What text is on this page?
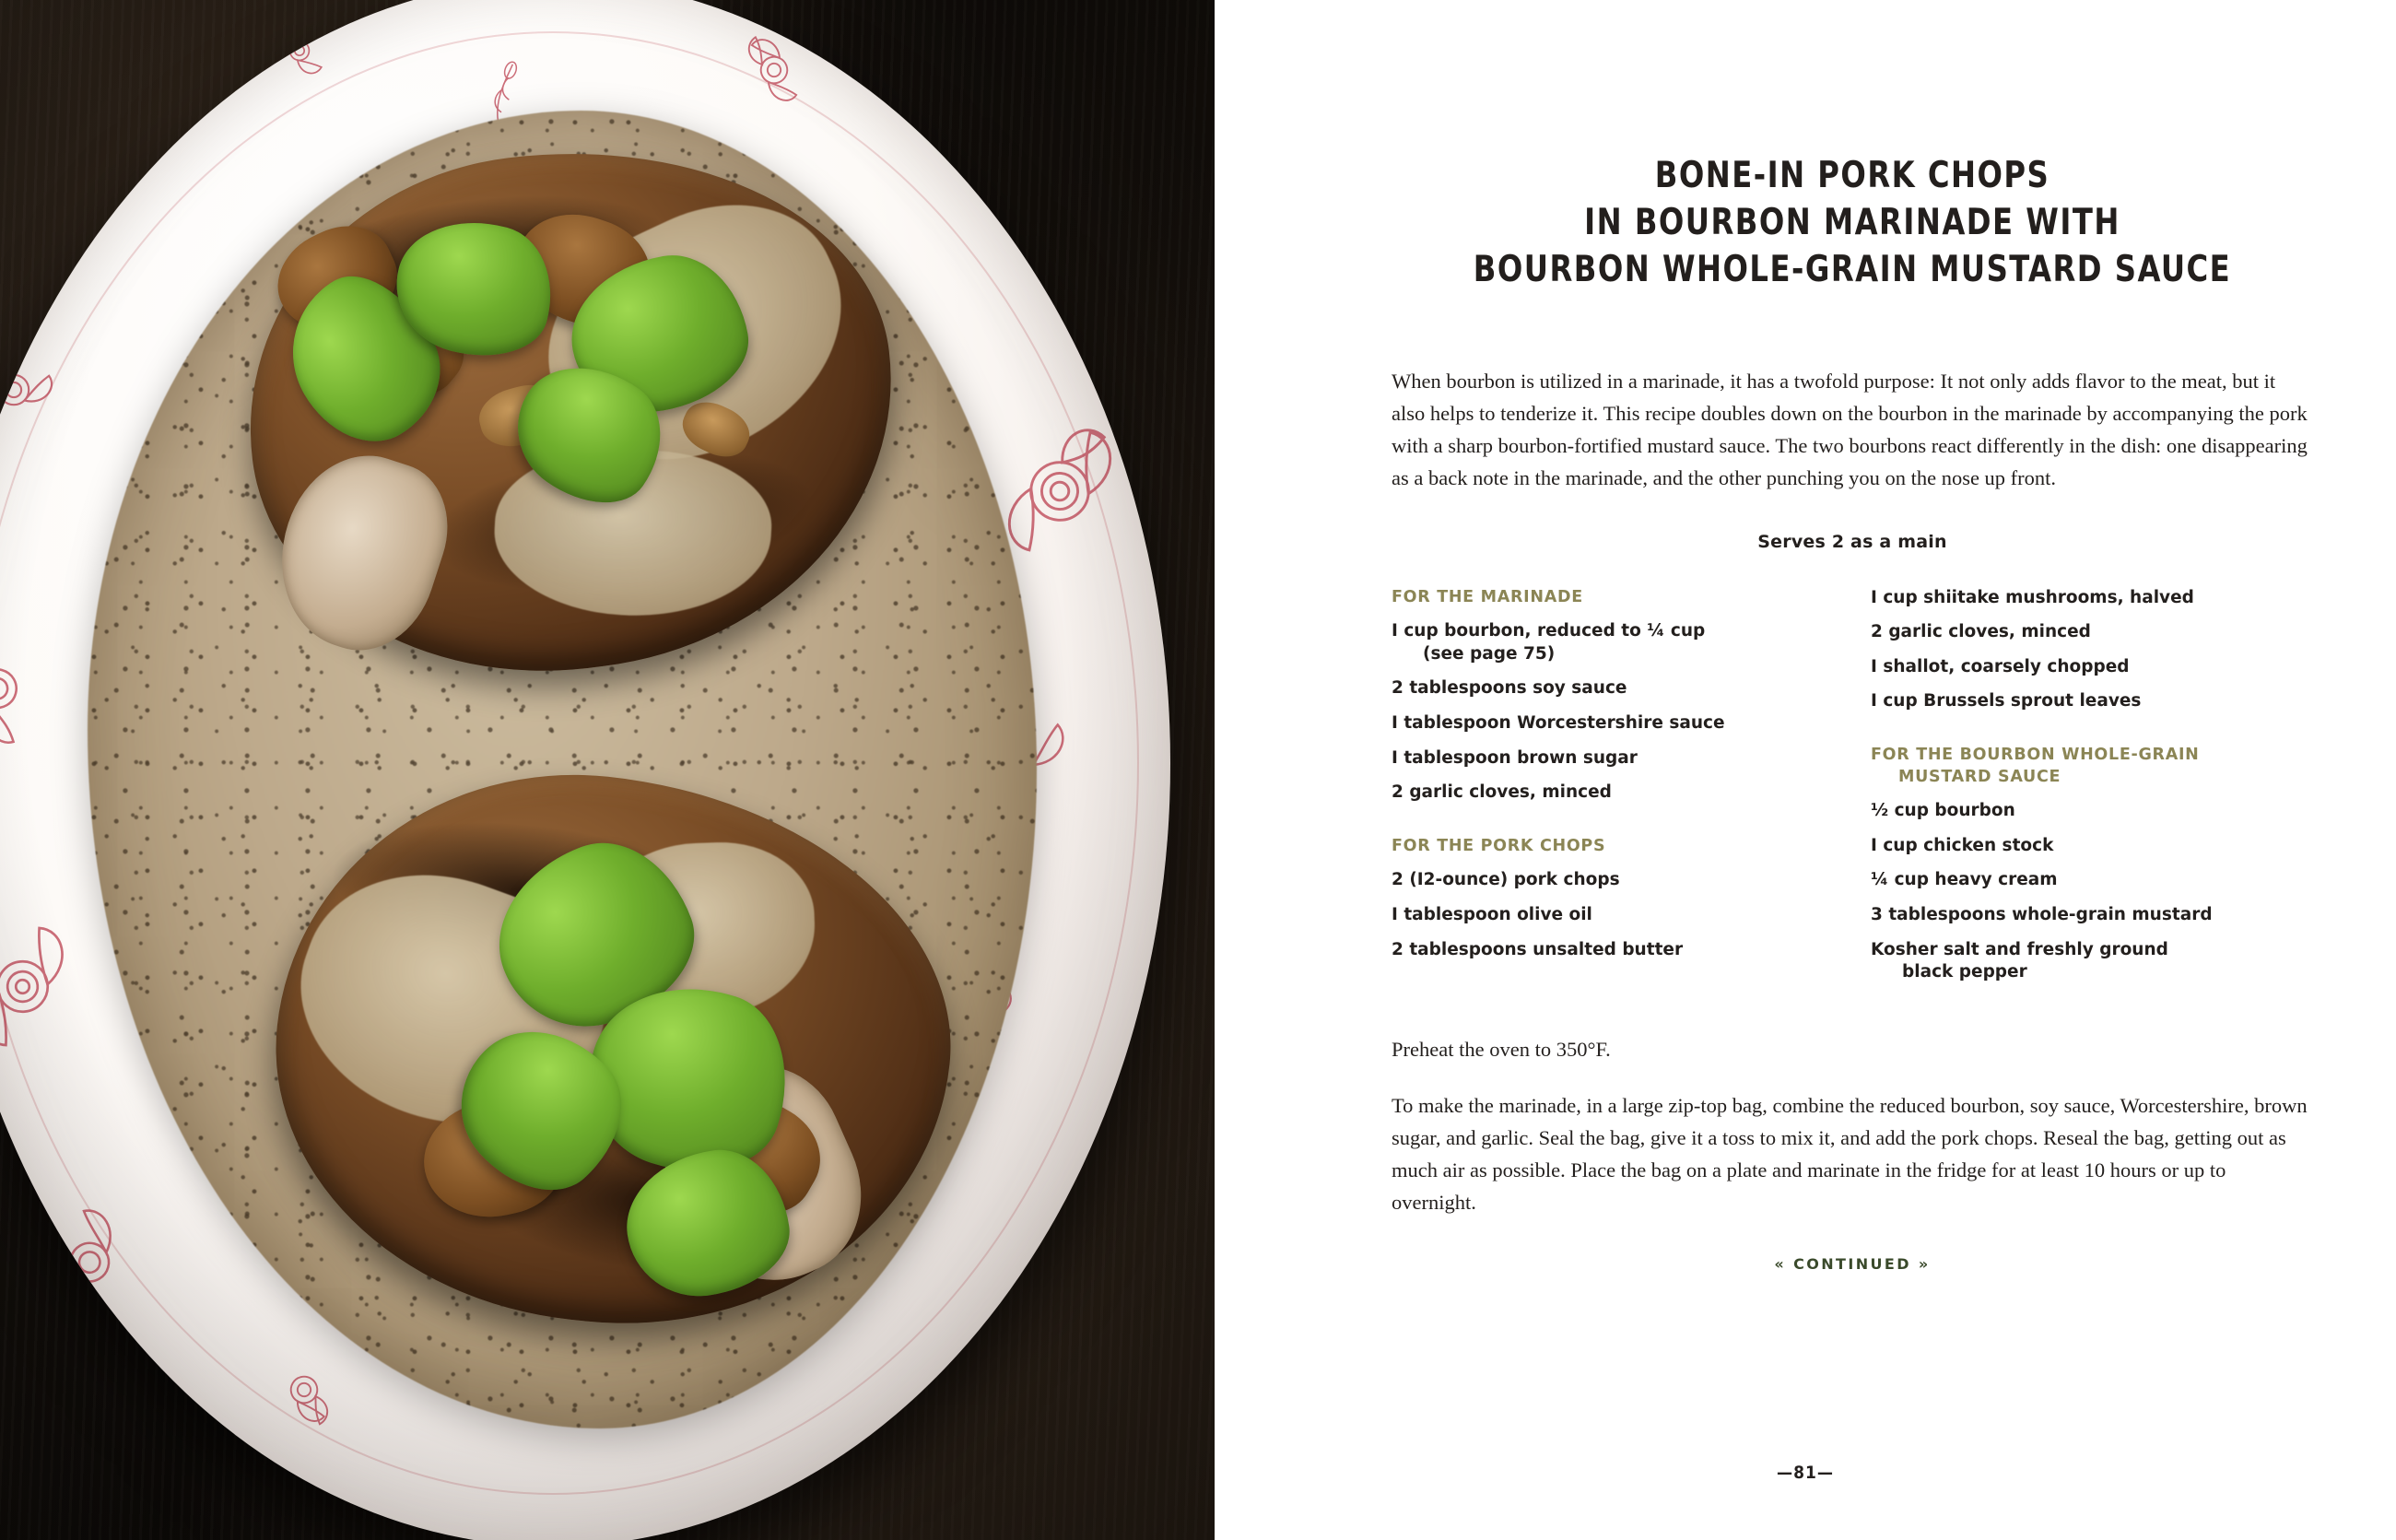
BONE-IN PORK CHOPS
IN BOURBON MARINADE WITH
BOURBON WHOLE-GRAIN MUSTARD SAUCE

When bourbon is utilized in a marinade, it has a twofold purpose: It not only adds flavor to the meat, but it also helps to tenderize it. This recipe doubles down on the bourbon in the marinade by accompanying the pork with a sharp bourbon-fortified mustard sauce. The two bourbons react differently in the dish: one disappearing as a back note in the marinade, and the other punching you on the nose up front.

Serves 2 as a main
FOR THE MARINADE
I cup bourbon, reduced to ¼ cup
(see page 75)
2 tablespoons soy sauce
I tablespoon Worcestershire sauce
I tablespoon brown sugar
2 garlic cloves, minced
FOR THE PORK CHOPS
2 (I2-ounce) pork chops
I tablespoon olive oil
2 tablespoons unsalted butter
I cup shiitake mushrooms, halved
2 garlic cloves, minced
I shallot, coarsely chopped
I cup Brussels sprout leaves
FOR THE BOURBON WHOLE-GRAIN
MUSTARD SAUCE
½ cup bourbon
I cup chicken stock
¼ cup heavy cream
3 tablespoons whole-grain mustard
Kosher salt and freshly ground
black pepper

Preheat the oven to 350°F.

To make the marinade, in a large zip-top bag, combine the reduced bourbon, soy sauce, Worcestershire, brown sugar, and garlic. Seal the bag, give it a toss to mix it, and add the pork chops. Reseal the bag, getting out as much air as possible. Place the bag on a plate and marinate in the fridge for at least 10 hours or up to overnight.

« CONTINUED »
—81—
